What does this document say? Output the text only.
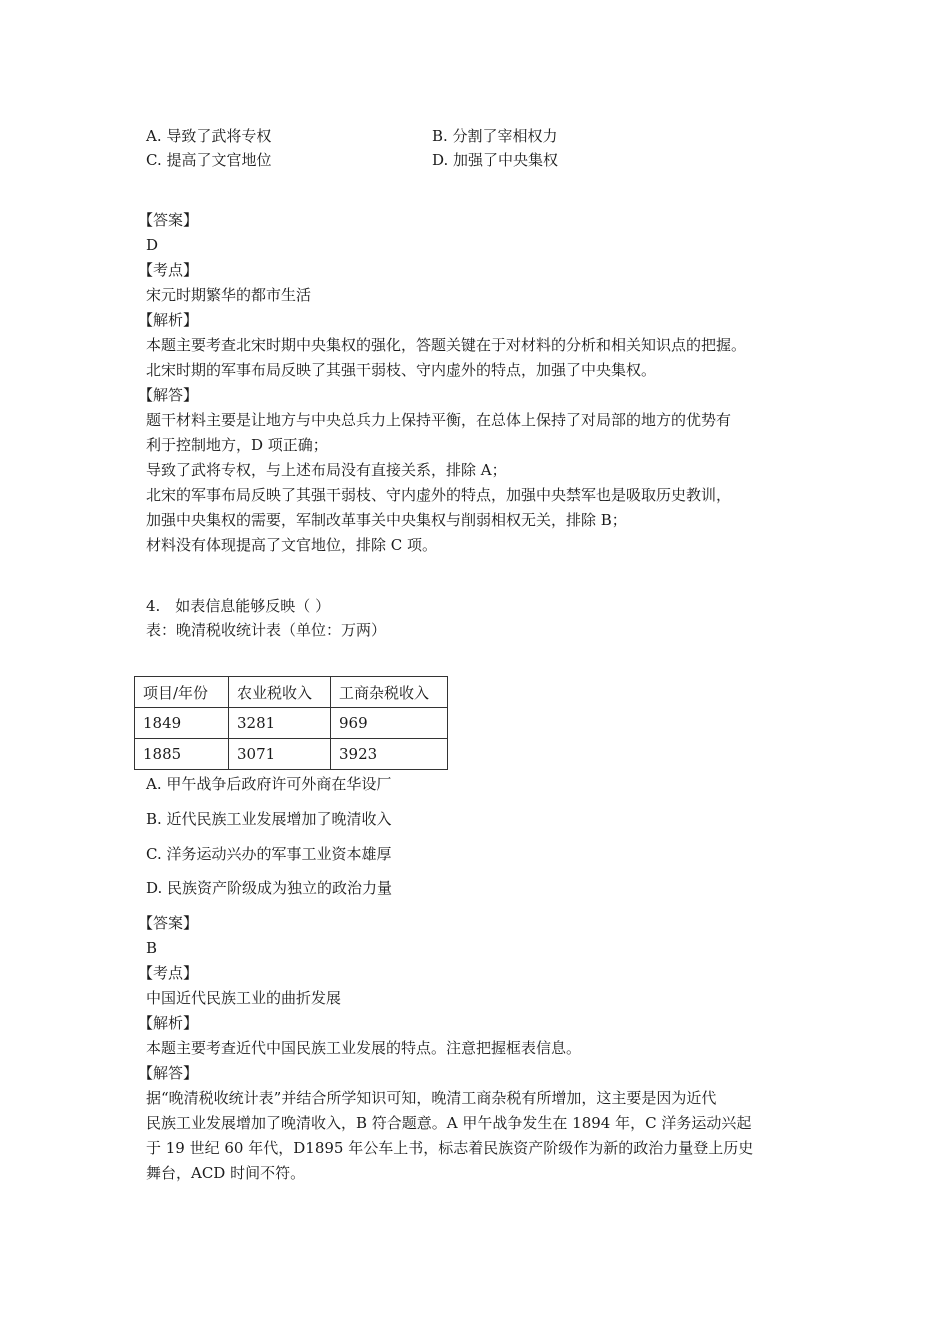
A. 导致了武将专权	B. 分割了宰相权力
C. 提高了文官地位	D. 加强了中央集权
【答案】
D
【考点】
宋元时期繁华的都市生活
【解析】
本题主要考查北宋时期中央集权的强化，答题关键在于对材料的分析和相关知识点的把握。
北宋时期的军事布局反映了其强干弱枝、守内虚外的特点，加强了中央集权。
【解答】
题干材料主要是让地方与中央总兵力上保持平衡，在总体上保持了对局部的地方的优势有
利于控制地方，D 项正确；
导致了武将专权，与上述布局没有直接关系，排除 A；
北宋的军事布局反映了其强干弱枝、守内虚外的特点，加强中央禁军也是吸取历史教训，
加强中央集权的需要，军制改革事关中央集权与削弱相权无关，排除 B；
材料没有体现提高了文官地位，排除 C 项。
4.　如表信息能够反映（ ）
表：晚清税收统计表（单位：万两）
项目/年份	农业税收入	工商杂税收入
1849	3281	969
1885	3071	3923
A. 甲午战争后政府许可外商在华设厂
B. 近代民族工业发展增加了晚清收入
C. 洋务运动兴办的军事工业资本雄厚
D. 民族资产阶级成为独立的政治力量
【答案】
B
【考点】
中国近代民族工业的曲折发展
【解析】
本题主要考查近代中国民族工业发展的特点。注意把握框表信息。
【解答】
据“晚清税收统计表”并结合所学知识可知，晚清工商杂税有所增加，这主要是因为近代
民族工业发展增加了晚清收入，B 符合题意。A 甲午战争发生在 1894 年，C 洋务运动兴起
于 19 世纪 60 年代，D1895 年公车上书，标志着民族资产阶级作为新的政治力量登上历史
舞台，ACD 时间不符。
